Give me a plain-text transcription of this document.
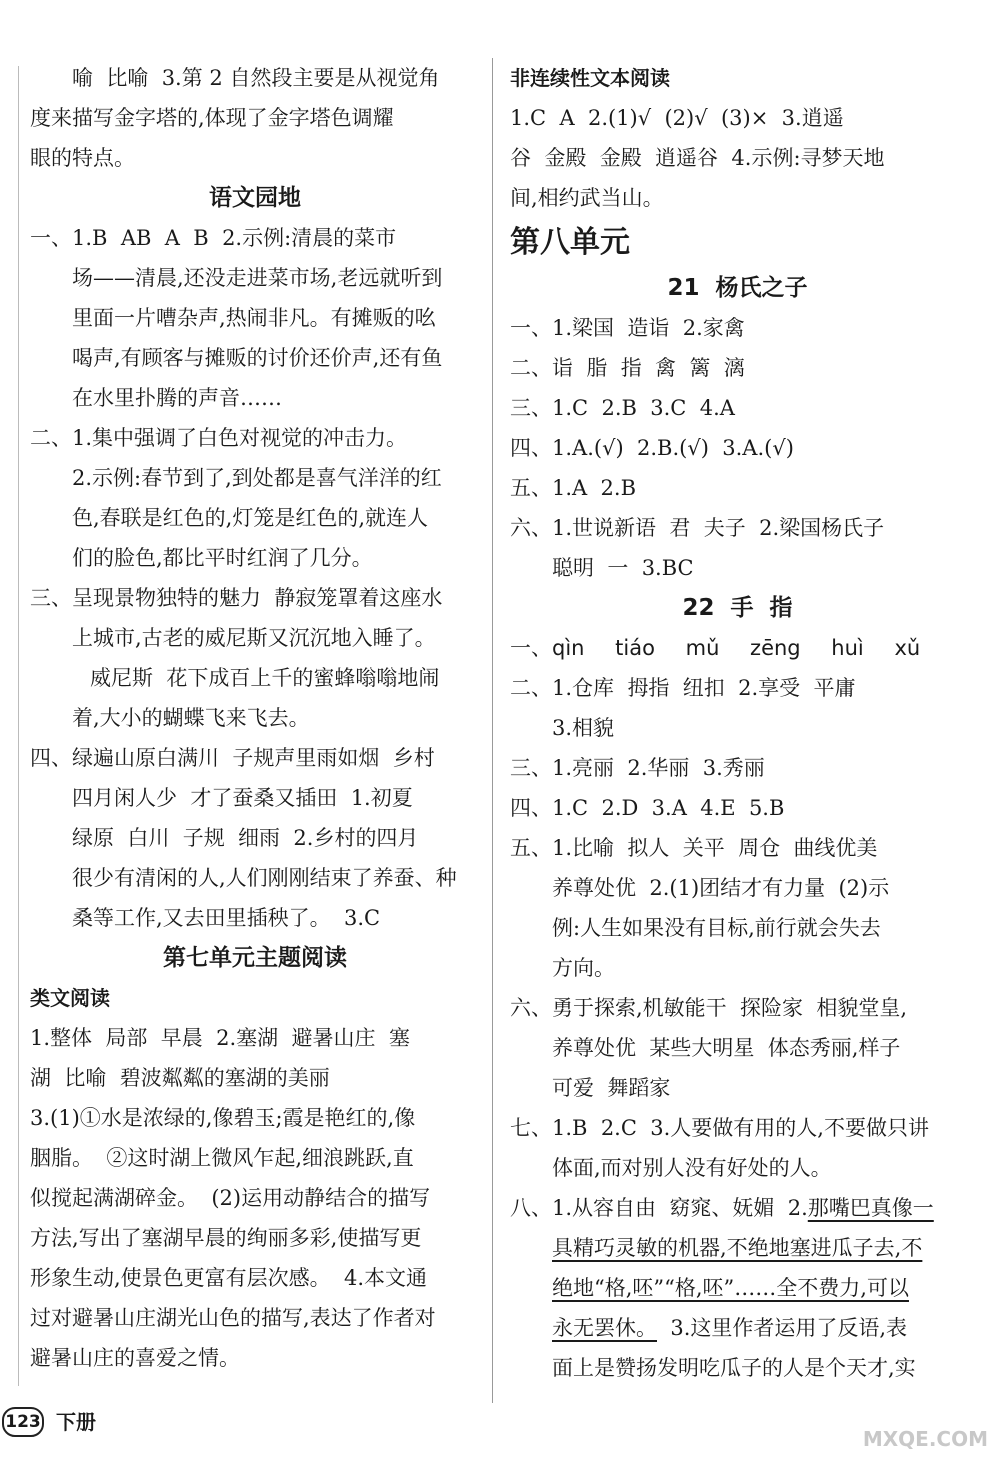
喻  比喻  3.第 2 自然段主要是从视觉角
度来描写金字塔的,体现了金字塔色调耀
眼的特点。
语文园地
一、1.B  AB  A  B  2.示例:清晨的菜市
场——清晨,还没走进菜市场,老远就听到
里面一片嘈杂声,热闹非凡。有摊贩的吆
喝声,有顾客与摊贩的讨价还价声,还有鱼
在水里扑腾的声音……
二、1.集中强调了白色对视觉的冲击力。
2.示例:春节到了,到处都是喜气洋洋的红
色,春联是红色的,灯笼是红色的,就连人
们的脸色,都比平时红润了几分。
三、呈现景物独特的魅力  静寂笼罩着这座水
上城市,古老的威尼斯又沉沉地入睡了。
威尼斯  花下成百上千的蜜蜂嗡嗡地闹
着,大小的蝴蝶飞来飞去。
四、绿遍山原白满川  子规声里雨如烟  乡村
四月闲人少  才了蚕桑又插田  1.初夏
绿原  白川  子规  细雨  2.乡村的四月
很少有清闲的人,人们刚刚结束了养蚕、种
桑等工作,又去田里插秧了。  3.C
第七单元主题阅读
类文阅读
1.整体  局部  早晨  2.塞湖  避暑山庄  塞
湖  比喻  碧波粼粼的塞湖的美丽
3.(1)①水是浓绿的,像碧玉;霞是艳红的,像
胭脂。  ②这时湖上微风乍起,细浪跳跃,直
似搅起满湖碎金。  (2)运用动静结合的描写
方法,写出了塞湖早晨的绚丽多彩,使描写更
形象生动,使景色更富有层次感。  4.本文通
过对避暑山庄湖光山色的描写,表达了作者对
避暑山庄的喜爱之情。
非连续性文本阅读
1.C  A  2.(1)√  (2)√  (3)×  3.逍遥
谷  金殿  金殿  逍遥谷  4.示例:寻梦天地
间,相约武当山。
第八单元
21  杨氏之子
一、1.梁国  造诣  2.家禽
二、诣  脂  指  禽  篱  漓
三、1.C  2.B  3.C  4.A
四、1.A.(√)  2.B.(√)  3.A.(√)
五、1.A  2.B
六、1.世说新语  君  夫子  2.梁国杨氏子
聪明  一  3.BC
22  手  指
一、qìn tiáo mǔ zēng huì xǔ
二、1.仓库  拇指  纽扣  2.享受  平庸
3.相貌
三、1.亮丽  2.华丽  3.秀丽
四、1.C  2.D  3.A  4.E  5.B
五、1.比喻  拟人  关平  周仓  曲线优美
养尊处优  2.(1)团结才有力量  (2)示
例:人生如果没有目标,前行就会失去
方向。
六、勇于探索,机敏能干  探险家  相貌堂皇,
养尊处优  某些大明星  体态秀丽,样子
可爱  舞蹈家
七、1.B  2.C  3.人要做有用的人,不要做只讲
体面,而对别人没有好处的人。
八、1.从容自由  窈窕、妩媚  2.那嘴巴真像一
具精巧灵敏的机器,不绝地塞进瓜子去,不
绝地“格,呸”“格,呸”……全不费力,可以
永无罢休。  3.这里作者运用了反语,表
面上是赞扬发明吃瓜子的人是个天才,实
123 下册
MXQE.COM
